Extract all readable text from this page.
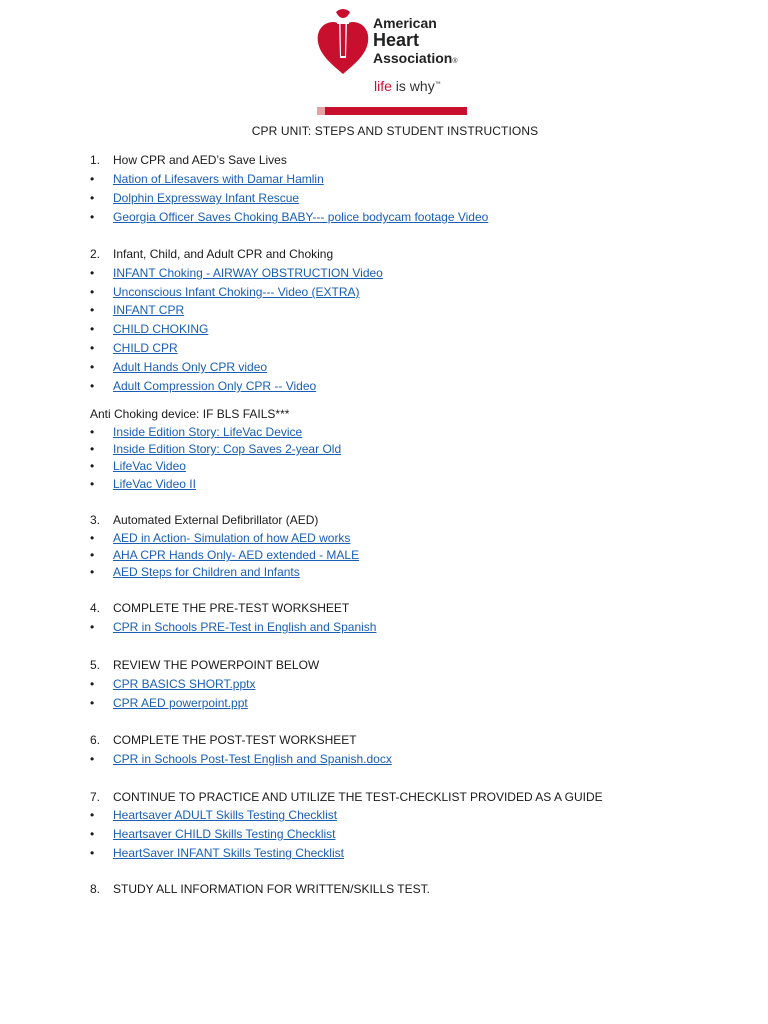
American
Heart
Association®
life is why™
CPR UNIT: STEPS AND STUDENT INSTRUCTIONS
1.	How CPR and AED’s Save Lives
•	Nation of Lifesavers with Damar Hamlin
•	Dolphin Expressway Infant Rescue
•	Georgia Officer Saves Choking BABY--- police bodycam footage Video
2.	Infant, Child, and Adult CPR and Choking
•	INFANT Choking - AIRWAY OBSTRUCTION Video
•	Unconscious Infant Choking--- Video (EXTRA)
•	INFANT CPR
•	CHILD CHOKING
•	CHILD CPR
•	Adult Hands Only CPR video
•	Adult Compression Only CPR -- Video
Anti Choking device: IF BLS FAILS***
•	Inside Edition Story: LifeVac Device
•	Inside Edition Story: Cop Saves 2-year Old
•	LifeVac Video
•	LifeVac Video II
3.	Automated External Defibrillator (AED)
•	AED in Action- Simulation of how AED works
•	AHA CPR Hands Only- AED extended - MALE
•	AED Steps for Children and Infants
4.	COMPLETE THE PRE-TEST WORKSHEET
•	CPR in Schools PRE-Test in English and Spanish
5.	REVIEW THE POWERPOINT BELOW
•	CPR BASICS SHORT.pptx
•	CPR AED powerpoint.ppt
6.	COMPLETE THE POST-TEST WORKSHEET
•	CPR in Schools Post-Test English and Spanish.docx
7.	CONTINUE TO PRACTICE AND UTILIZE THE TEST-CHECKLIST PROVIDED AS A GUIDE
•	Heartsaver ADULT Skills Testing Checklist
•	Heartsaver CHILD Skills Testing Checklist
•	HeartSaver INFANT Skills Testing Checklist
8.	STUDY ALL INFORMATION FOR WRITTEN/SKILLS TEST.
